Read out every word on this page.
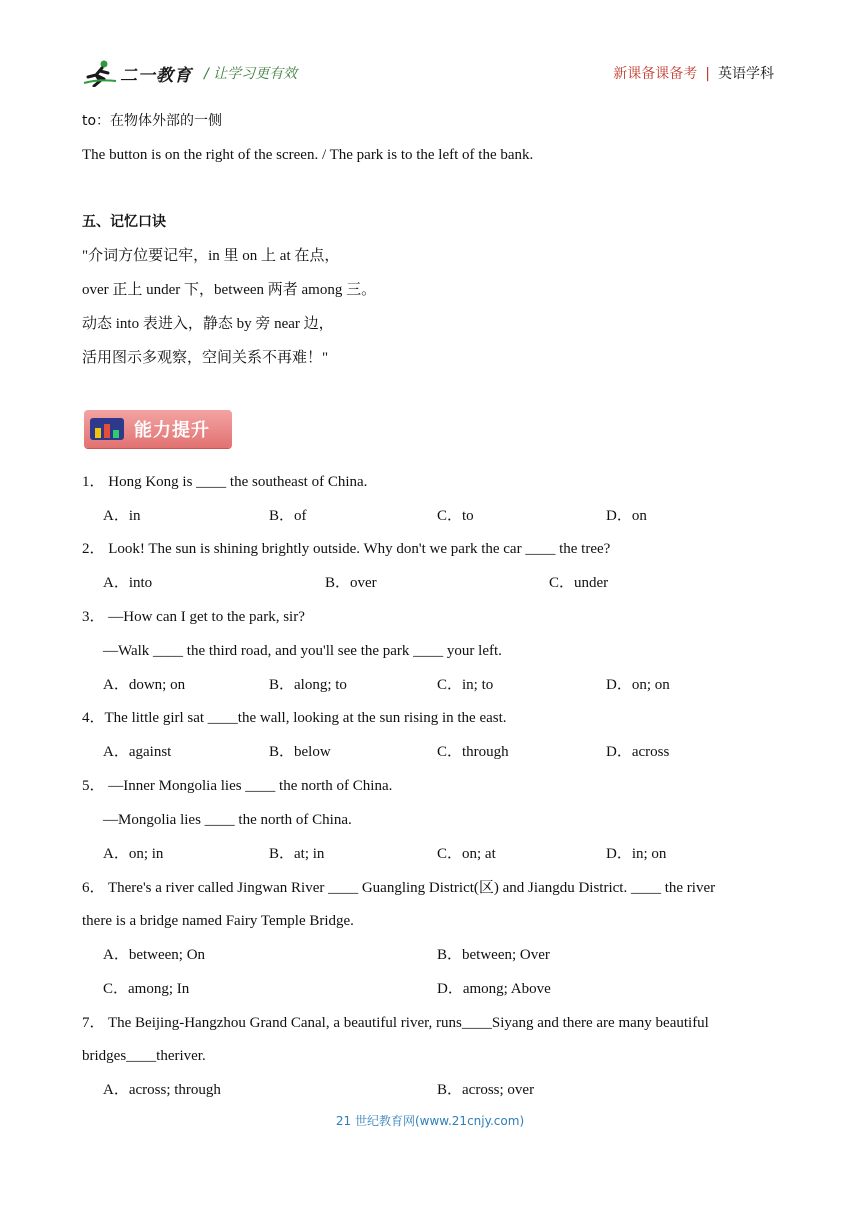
二一教育 / 让学习更有效	新课备课备考 | 英语学科
to：在物体外部的一侧
The button is on the right of the screen. / The park is to the left of the bank.
五、记忆口诀
"介词方位要记牢，in 里 on 上 at 在点，
over 正上 under 下，between 两者 among 三。
动态 into 表进入，静态 by 旁 near 边，
活用图示多观察，空间关系不再难！"
能力提升
1． Hong Kong is ____ the southeast of China.
A．in	B．of	C．to	D．on
2． Look! The sun is shining brightly outside. Why don't we park the car ____ the tree?
A．into	B．over	C．under
3． —How can I get to the park, sir?
—Walk ____ the third road, and you'll see the park ____ your left.
A．down; on	B．along; to	C．in; to	D．on; on
4．The little girl sat ____the wall, looking at the sun rising in the east.
A．against	B．below	C．through	D．across
5． —Inner Mongolia lies ____ the north of China.
—Mongolia lies ____ the north of China.
A．on; in	B．at; in	C．on; at	D．in; on
6． There's a river called Jingwan River ____ Guangling District(区) and Jiangdu District. ____ the river
there is a bridge named Fairy Temple Bridge.
A．between; On	B．between; Over
C．among; In	D．among; Above
7． The Beijing-Hangzhou Grand Canal, a beautiful river, runs____Siyang and there are many beautiful
bridges____theriver.
A．across; through	B．across; over
21 世纪教育网(www.21cnjy.com)
